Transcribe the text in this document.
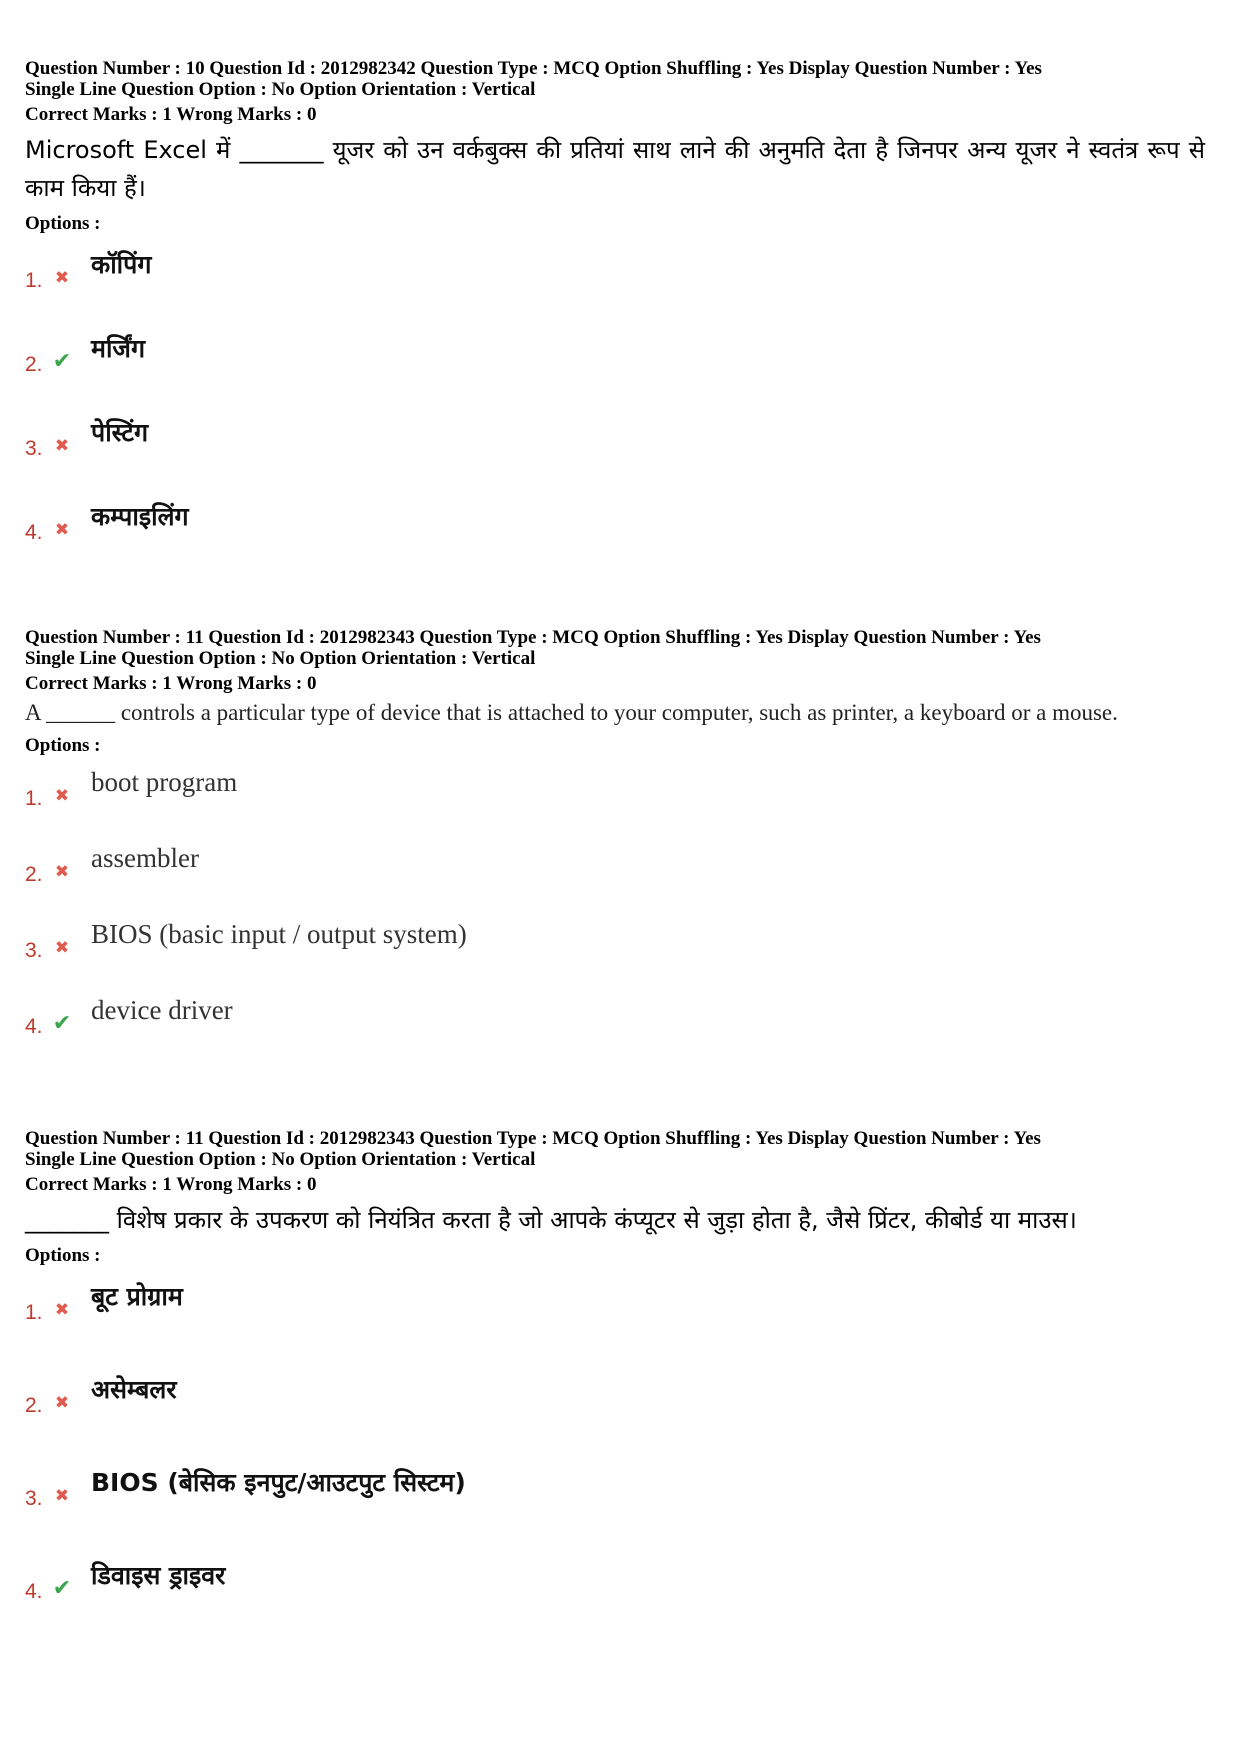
Question Number : 10 Question Id : 2012982342 Question Type : MCQ Option Shuffling : Yes Display Question Number : Yes
Single Line Question Option : No Option Orientation : Vertical
Correct Marks : 1 Wrong Marks : 0
Microsoft Excel में _______ यूजर को उन वर्कबुक्स की प्रतियां साथ लाने की अनुमति देता है जिनपर अन्य यूजर ने स्वतंत्र रूप से काम किया हैं।
Options :
1. ✖ कॉपिंग
2. ✔ मर्जिंग
3. ✖ पेस्टिंग
4. ✖ कम्पाइलिंग
Question Number : 11 Question Id : 2012982343 Question Type : MCQ Option Shuffling : Yes Display Question Number : Yes
Single Line Question Option : No Option Orientation : Vertical
Correct Marks : 1 Wrong Marks : 0
A ______ controls a particular type of device that is attached to your computer, such as printer, a keyboard or a mouse.
Options :
1. ✖ boot program
2. ✖ assembler
3. ✖ BIOS (basic input / output system)
4. ✔ device driver
Question Number : 11 Question Id : 2012982343 Question Type : MCQ Option Shuffling : Yes Display Question Number : Yes
Single Line Question Option : No Option Orientation : Vertical
Correct Marks : 1 Wrong Marks : 0
_______ विशेष प्रकार के उपकरण को नियंत्रित करता है जो आपके कंप्यूटर से जुड़ा होता है, जैसे प्रिंटर, कीबोर्ड या माउस।
Options :
1. ✖ बूट प्रोग्राम
2. ✖ असेम्बलर
3. ✖ BIOS (बेसिक इनपुट/आउटपुट सिस्टम)
4. ✔ डिवाइस ड्राइवर
